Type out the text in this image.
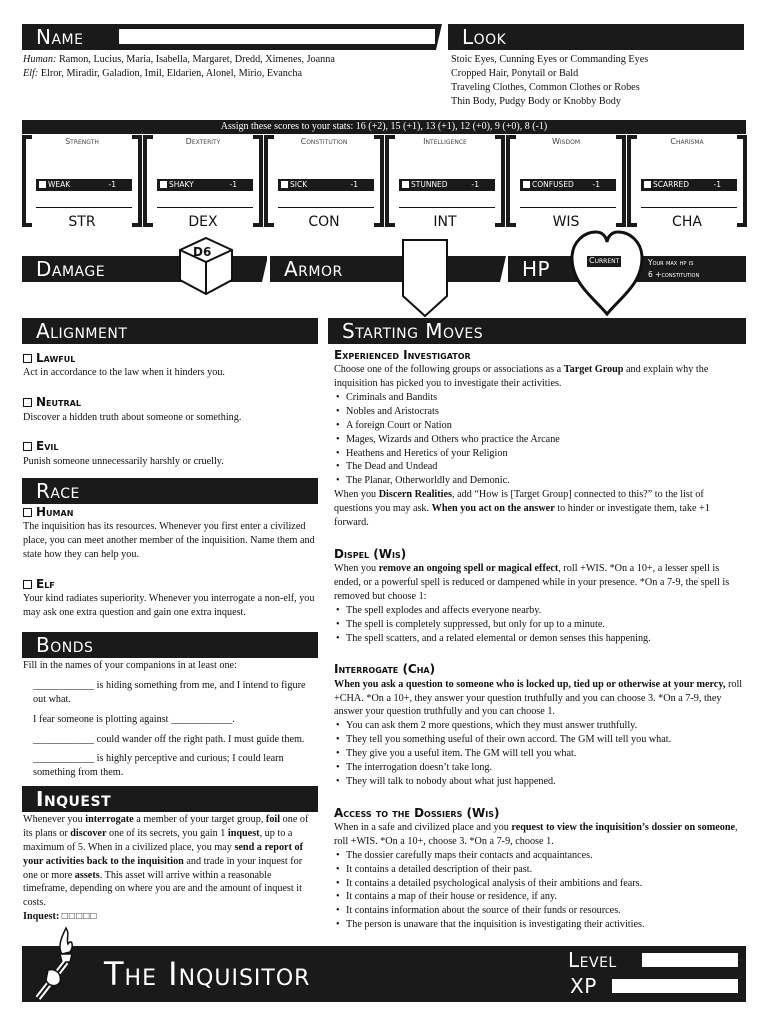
Name	Look
Human: Ramon, Lucius, Maria, Isabella, Margaret, Dredd, Ximenes, Joanna
Elf: Elror, Miradir, Galadion, Imil, Eldarien, Alonel, Mirio, Evancha
Stoic Eyes, Cunning Eyes or Commanding Eyes
Cropped Hair, Ponytail or Bald
Traveling Clothes, Common Clothes or Robes
Thin Body, Pudgy Body or Knobby Body
Assign these scores to your stats: 16 (+2), 15 (+1), 13 (+1), 12 (+0), 9 (+0), 8 (-1)
Strength
WEAK	-1
STR
Dexterity
SHAKY	-1
DEX
Constitution
SICK	-1
CON
Intelligence
STUNNED	-1
INT
Wisdom
CONFUSED -1
WIS
Charisma
SCARRED	-1
CHA
Damage
D6
Armor	HP	Current
Max
Your max hp is
6 +constitution
Alignment
Lawful

Act in accordance to the law when it hinders you.

Neutral

Discover a hidden truth about someone or something.

Evil

Punish someone unnecessarily harshly or cruelly.

Race
Human

The inquisition has its resources. Whenever you first enter a civilized place, you can meet another member of the inquisition. Name them and state how they can help you.

Elf

Your kind radiates superiority. Whenever you interrogate a non-elf, you may ask one extra question and gain one extra inquest.

Bonds

Fill in the names of your companions in at least one:

____________ is hiding something from me, and I intend to figure out what.

I fear someone is plotting against ____________.

____________ could wander off the right path. I must guide them.

____________ is highly perceptive and curious; I could learn something from them.

Inquest

Whenever you interrogate a member of your target group, foil one of its plans or discover one of its secrets, you gain 1 inquest, up to a maximum of 5. When in a civilized place, you may send a report of your activities back to the inquisition and trade in your inquest for one or more assets. This asset will arrive within a reasonable timeframe, depending on where you are and the amount of inquest it costs.

Inquest: □□□□□

Starting Moves
Experienced Investigator

Choose one of the following groups or associations as a Target Group and explain why the inquisition has picked you to investigate their activities.

• Criminals and Bandits
• Nobles and Aristocrats
• A foreign Court or Nation
• Mages, Wizards and Others who practice the Arcane
• Heathens and Heretics of your Religion
• The Dead and Undead
• The Planar, Otherworldly and Demonic.

When you Discern Realities, add “How is [Target Group] connected to this?” to the list of questions you may ask. When you act on the answer to hinder or investigate them, take +1 forward.

Dispel (Wis)

When you remove an ongoing spell or magical effect, roll +WIS. *On a 10+, a lesser spell is ended, or a powerful spell is reduced or dampened while in your presence. *On a 7-9, the spell is removed but choose 1:

• The spell explodes and affects everyone nearby.
• The spell is completely suppressed, but only for up to a minute.
• The spell scatters, and a related elemental or demon senses this happening.
Interrogate (Cha)

When you ask a question to someone who is locked up, tied up or otherwise at your mercy, roll +CHA. *On a 10+, they answer your question truthfully and you can choose 3. *On a 7-9, they answer your question truthfully and you can choose 1.

• You can ask them 2 more questions, which they must answer truthfully.
• They tell you something useful of their own accord. The GM will tell you what.
• They give you a useful item. The GM will tell you what.
• The interrogation doesn’t take long.
• They will talk to nobody about what just happened.
Access to the Dossiers (Wis)

When in a safe and civilized place and you request to view the inquisition’s dossier on someone, roll +WIS. *On a 10+, choose 3. *On a 7-9, choose 1.

• The dossier carefully maps their contacts and acquaintances.
• It contains a detailed description of their past.
• It contains a detailed psychological analysis of their ambitions and fears.
• It contains a map of their house or residence, if any.
• It contains information about the source of their funds or resources.
• The person is unaware that the inquisition is investigating their activities.
The Inquisitor	Level
XP
